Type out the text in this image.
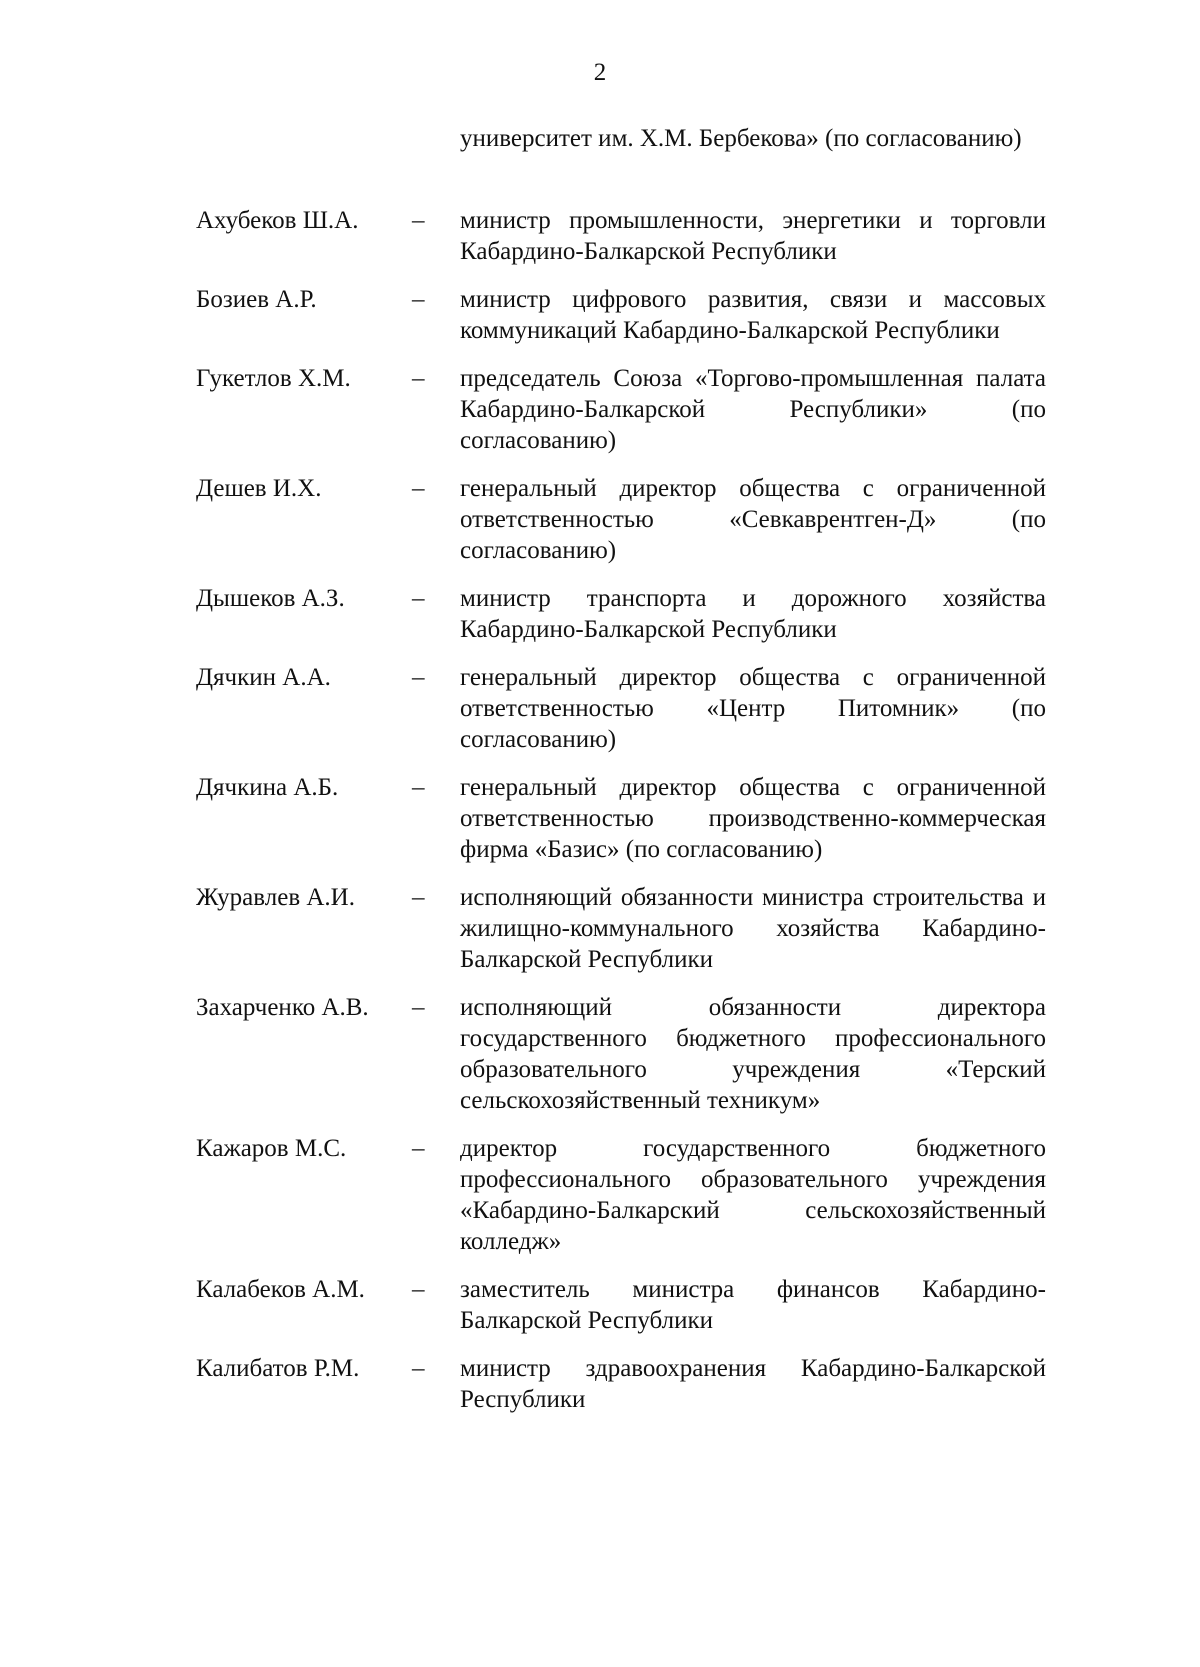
2
университет им. Х.М. Бербекова» (по согласованию)
Ахубеков Ш.А.	–	министр промышленности, энергетики и торговли Кабардино-Балкарской Республики
Бозиев А.Р.	–	министр цифрового развития, связи и массовых коммуникаций Кабардино-Балкарской Республики
Гукетлов Х.М.	–	председатель Союза «Торгово-промышленная палата Кабардино-Балкарской Республики» (по согласованию)
Дешев И.Х.	–	генеральный директор общества с ограниченной ответственностью «Севкаврентген-Д» (по согласованию)
Дышеков А.З.	–	министр транспорта и дорожного хозяйства Кабардино-Балкарской Республики
Дячкин А.А.	–	генеральный директор общества с ограниченной ответственностью «Центр Питомник» (по согласованию)
Дячкина А.Б.	–	генеральный директор общества с ограниченной ответственностью производственно-коммерческая фирма «Базис» (по согласованию)
Журавлев А.И.	–	исполняющий обязанности министра строительства и жилищно-коммунального хозяйства Кабардино-Балкарской Республики
Захарченко А.В.	–	исполняющий обязанности директора государственного бюджетного профессионального образовательного учреждения «Терский сельскохозяйственный техникум»
Кажаров М.С.	–	директор государственного бюджетного профессионального образовательного учреждения «Кабардино-Балкарский сельскохозяйственный колледж»
Калабеков А.М.	–	заместитель министра финансов Кабардино-Балкарской Республики
Калибатов Р.М.	–	министр здравоохранения Кабардино-Балкарской Республики
